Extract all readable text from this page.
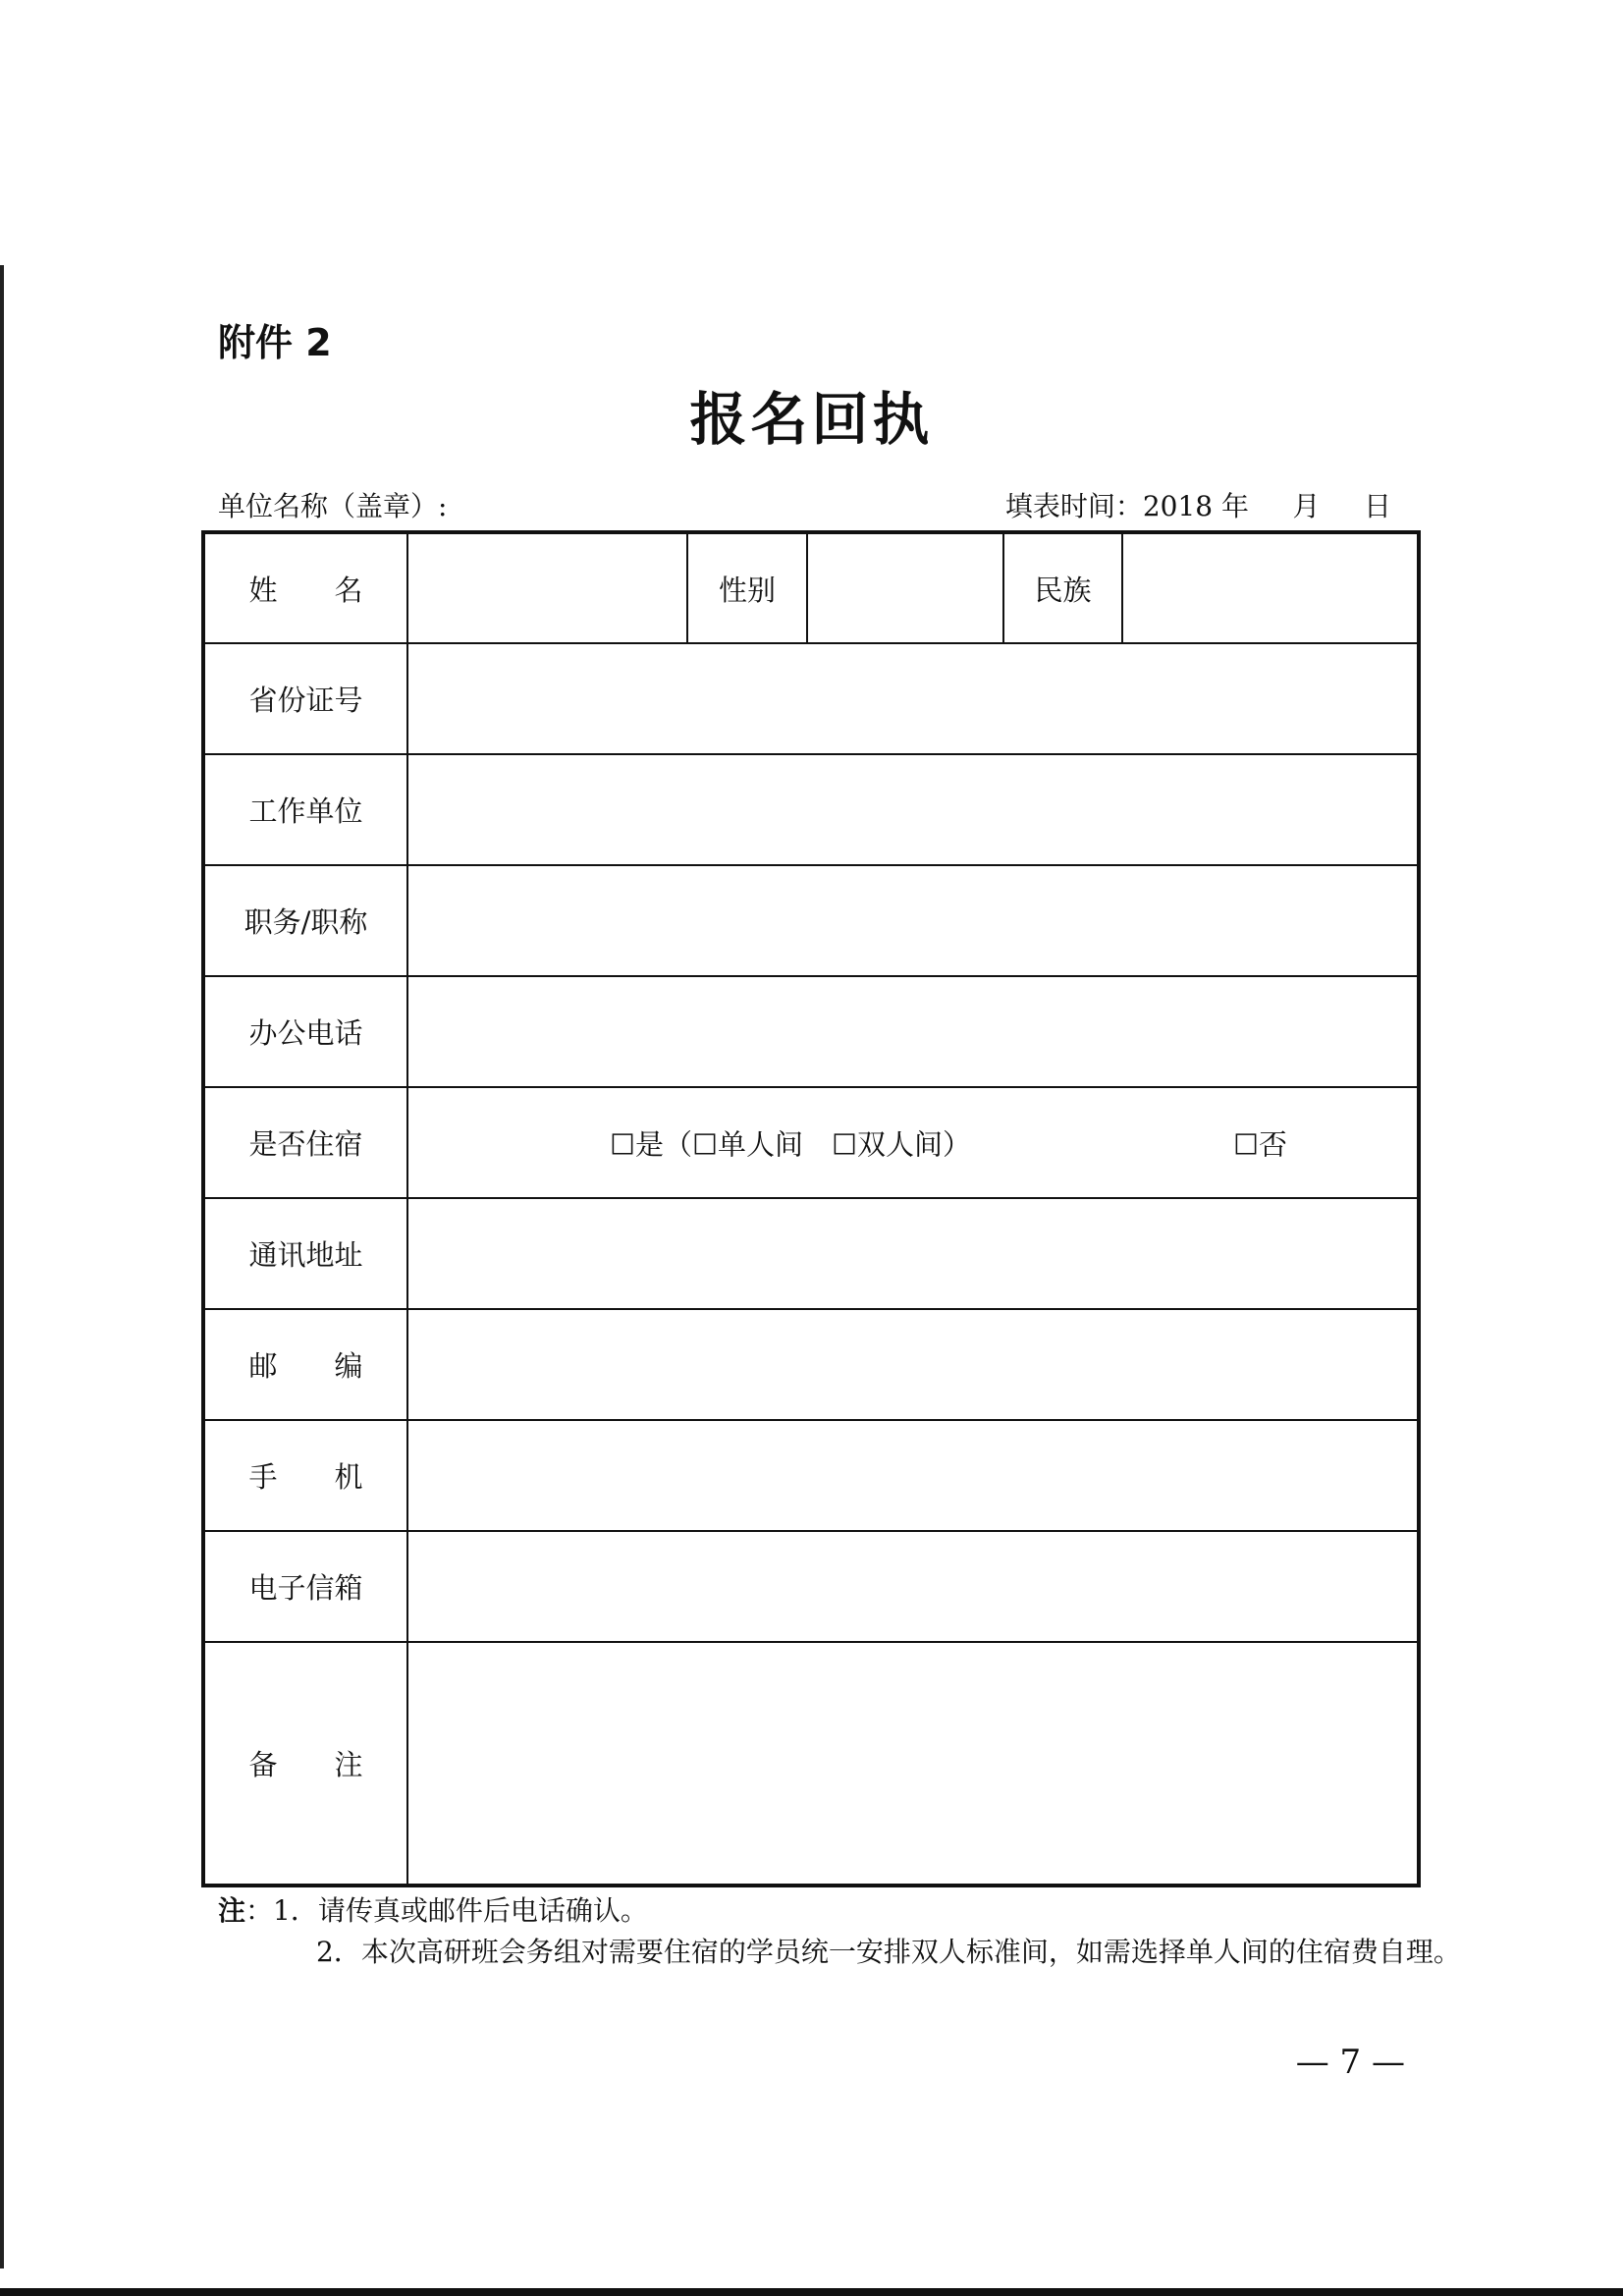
附件 2
报名回执
单位名称（盖章）:	填表时间：2018 年     月     日
姓　　名		性别		民族	
省份证号					
工作单位					
职务/职称					
办公电话					
是否住宿	☐是（☐单人间　☐双人间） ☐否				

通讯地址					
邮　　编					
手　　机					
电子信箱					
备　　注					
注：1．请传真或邮件后电话确认。
2．本次高研班会务组对需要住宿的学员统一安排双人标准间，如需选择单人间的住宿费自理。
— 7 —
